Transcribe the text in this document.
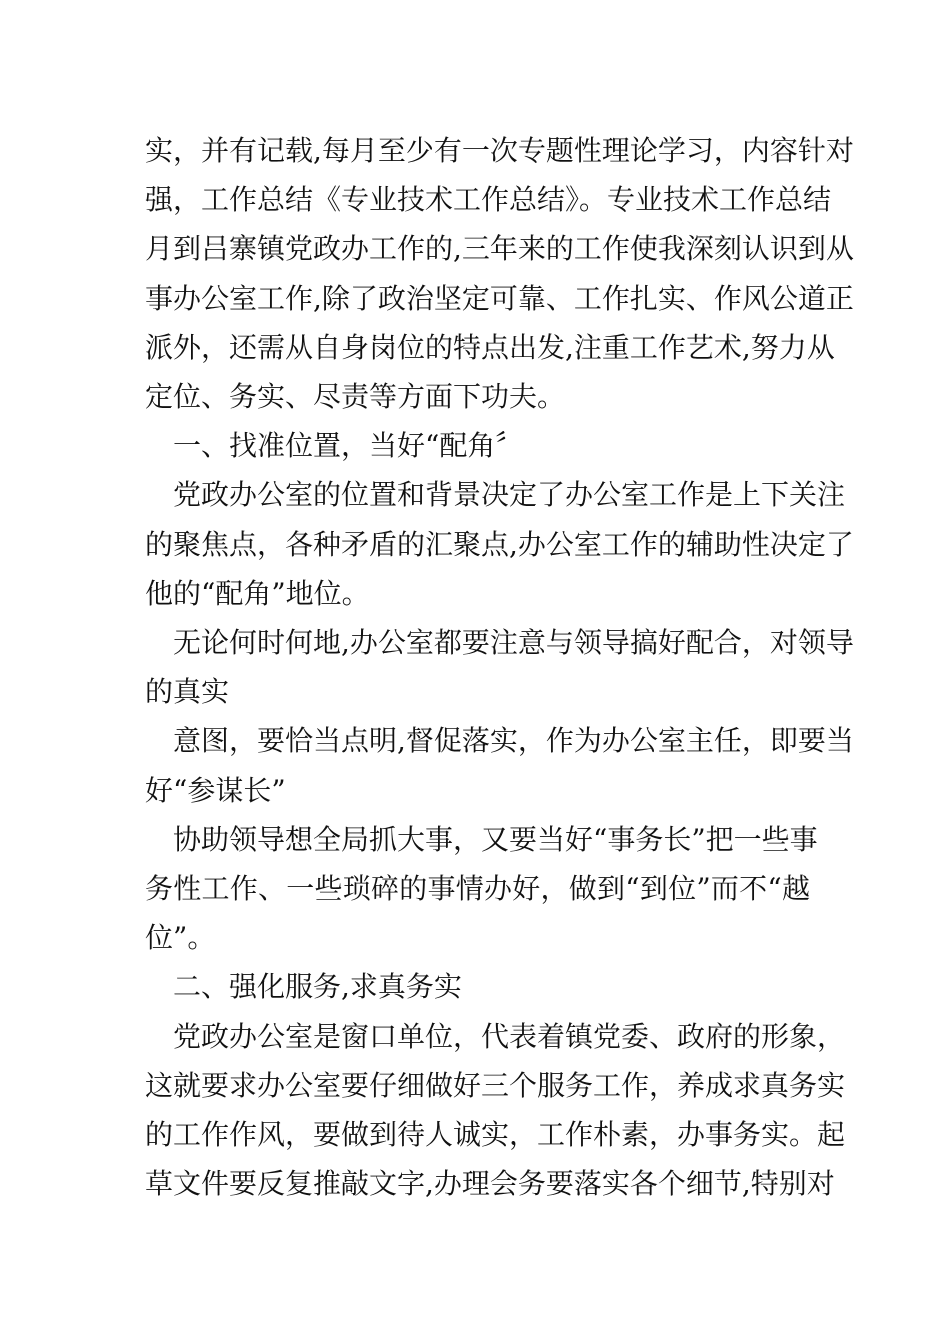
实，并有记载,每月至少有一次专题性理论学习，内容针对
强，工作总结《专业技术工作总结》。专业技术工作总结
月到吕寨镇党政办工作的,三年来的工作使我深刻认识到从
事办公室工作,除了政治坚定可靠、工作扎实、作风公道正
派外，还需从自身岗位的特点出发,注重工作艺术,努力从
定位、务实、尽责等方面下功夫。
一、找准位置，当好“配角〞
党政办公室的位置和背景决定了办公室工作是上下关注
的聚焦点，各种矛盾的汇聚点,办公室工作的辅助性决定了
他的“配角”地位。
无论何时何地,办公室都要注意与领导搞好配合，对领导
的真实
意图，要恰当点明,督促落实，作为办公室主任，即要当
好“参谋长”
协助领导想全局抓大事，又要当好“事务长”把一些事
务性工作、一些琐碎的事情办好，做到“到位”而不“越
位”。
二、强化服务,求真务实
党政办公室是窗口单位，代表着镇党委、政府的形象，
这就要求办公室要仔细做好三个服务工作，养成求真务实
的工作作风，要做到待人诚实，工作朴素，办事务实。起
草文件要反复推敲文字,办理会务要落实各个细节,特别对
